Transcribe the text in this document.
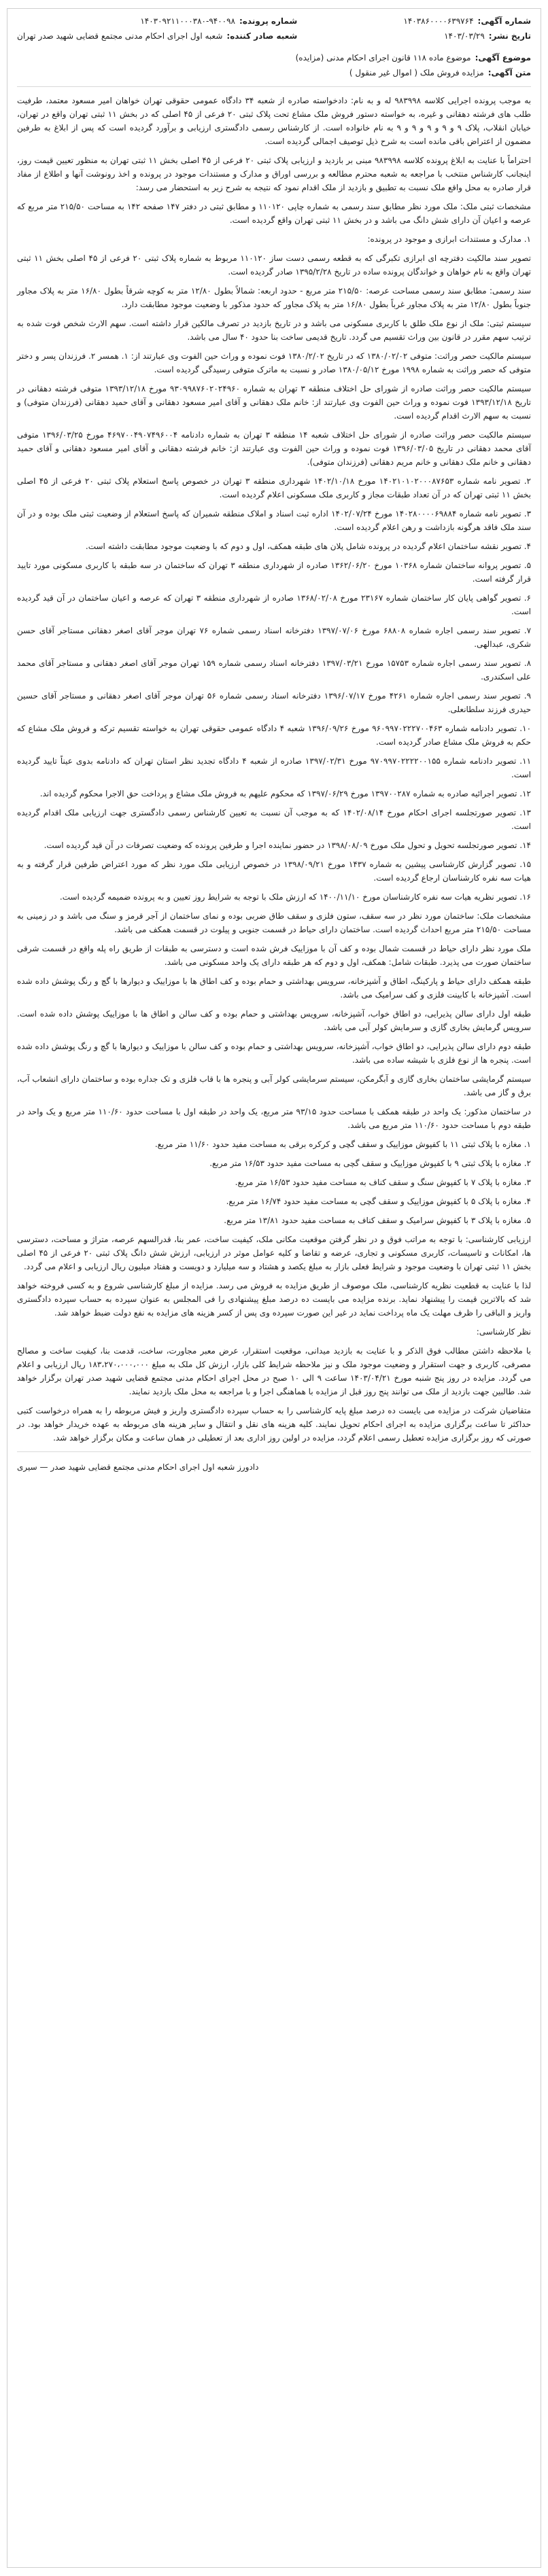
شماره آگهی:
۱۴۰۳۸۶۰۰۰۰۶۳۹۷۶۴
تاریخ نشر:
۱۴۰۳/۰۳/۲۹
شماره پرونده:
۱۴۰۳۰۹۲۱۱۰۰۰۳۸۰-۹۴۰۰۹۸
شعبه صادر کننده:
شعبه اول اجرای احکام مدنی مجتمع قضایی شهید صدر تهران
موضوع آگهی:
موضوع ماده ۱۱۸ قانون اجرای احکام مدنی (مزایده)
متن آگهی:
مزایده فروش ملک ( اموال غیر منقول )

به موجب پرونده اجرایی کلاسه ۹۸۳۹۹۸ له و به نام: دادخواسته صادره از شعبه ۳۴ دادگاه عمومی حقوقی تهران خواهان امیر مسعود معتمد، طرفیت طلب های فرشته دهقانی و غیره، به خواسته دستور فروش ملک مشاع تحت پلاک ثبتی ۲۰ فرعی از ۴۵ اصلی که در بخش ۱۱ ثبتی تهران واقع در تهران، خیابان انقلاب، پلاک ۹ و ۹ و ۹ و ۹ و ۹ به نام خانواده است. از کارشناس رسمی دادگستری ارزیابی و برآورد گردیده است که پس از ابلاغ به طرفین مضمون از اعتراض باقی مانده است به شرح ذیل توصیف اجمالی گردیده است.

احتراماً با عنایت به ابلاغ پرونده کلاسه ۹۸۳۹۹۸ مبنی بر بازدید و ارزیابی پلاک ثبتی ۲۰ فرعی از ۴۵ اصلی بخش ۱۱ ثبتی تهران به منظور تعیین قیمت روز، اینجانب کارشناس منتخب با مراجعه به شعبه محترم مطالعه و بررسی اوراق و مدارک و مستندات موجود در پرونده و اخذ رونوشت آنها و اطلاع از مفاد قرار صادره به محل واقع ملک نسبت به تطبیق و بازدید از ملک اقدام نمود که نتیجه به شرح زیر به استحضار می رسد:

مشخصات ثبتی ملک: ملک مورد نظر مطابق سند رسمی به شماره چاپی ۱۱۰۱۲۰ و مطابق ثبتی در دفتر ۱۴۷ صفحه ۱۴۲ به مساحت ۲۱۵/۵۰ متر مربع که عرصه و اعیان آن دارای شش دانگ می باشد و در بخش ۱۱ ثبتی تهران واقع گردیده است.

۱. مدارک و مستندات ابرازی و موجود در پرونده:

تصویر سند مالکیت دفترچه ای ابرازی تکبرگی که به قطعه رسمی دست ساز ۱۱۰۱۲۰ مربوط به شماره پلاک ثبتی ۲۰ فرعی از ۴۵ اصلی بخش ۱۱ ثبتی تهران واقع به نام خواهان و خواندگان پرونده ساده در تاریخ ۱۳۹۵/۲/۲۸ صادر گردیده است.

سند رسمی: مطابق سند رسمی مساحت عرصه: ۲۱۵/۵۰ متر مربع - حدود اربعه: شمالاً بطول ۱۲/۸۰ متر به کوچه شرقاً بطول ۱۶/۸۰ متر به پلاک مجاور جنوباً بطول ۱۲/۸۰ متر به پلاک مجاور غرباً بطول ۱۶/۸۰ متر به پلاک مجاور که حدود مذکور با وضعیت موجود مطابقت دارد.

سیستم ثبتی: ملک از نوع ملک طلق با کاربری مسکونی می باشد و در تاریخ بازدید در تصرف مالکین قرار داشته است. سهم الارث شخص فوت شده به ترتیب سهم مقرر در قانون بین وراث تقسیم می گردد. تاریخ قدیمی ساخت بنا حدود ۴۰ سال می باشد.

سیستم مالکیت حصر وراثت: متوفی ۱۳۸۰/۰۲/۰۲ که در تاریخ ۱۳۸۰/۲/۰۲ فوت نموده و وراث حین الفوت وی عبارتند از: ۱. همسر ۲. فرزندان پسر و دختر متوفی که حصر وراثت به شماره ۱۹۹۸ مورخ ۱۳۸۰/۰۵/۱۲ صادر و نسبت به ماترک متوفی رسیدگی گردیده است.

سیستم مالکیت حصر وراثت صادره از شورای حل اختلاف منطقه ۳ تهران به شماره ۹۳۰۹۹۸۷۶۰۲۰۲۴۹۶۰ مورخ ۱۳۹۳/۱۲/۱۸ متوفی فرشته دهقانی در تاریخ ۱۳۹۳/۱۲/۱۸ فوت نموده و وراث حین الفوت وی عبارتند از: خانم ملک دهقانی و آقای امیر مسعود دهقانی و آقای حمید دهقانی (فرزندان متوفی) و نسبت به سهم الارث اقدام گردیده است.

سیستم مالکیت حصر وراثت صادره از شورای حل اختلاف شعبه ۱۴ منطقه ۳ تهران به شماره دادنامه ۴۶۹۷۰۰۴۹۰۷۴۹۶۰۰۴ مورخ ۱۳۹۶/۰۳/۲۵ متوفی آقای محمد دهقانی در تاریخ ۱۳۹۶/۰۳/۰۵ فوت نموده و وراث حین الفوت وی عبارتند از: خانم فرشته دهقانی و آقای امیر مسعود دهقانی و آقای حمید دهقانی و خانم ملک دهقانی و خانم مریم دهقانی (فرزندان متوفی).

۲. تصویر نامه شماره ۱۴۰۲۱۰۱۰۲۰۰۰۸۷۶۵۳ مورخ ۱۴۰۲/۱۰/۱۸ شهرداری منطقه ۳ تهران در خصوص پاسخ استعلام پلاک ثبتی ۲۰ فرعی از ۴۵ اصلی بخش ۱۱ ثبتی تهران که در آن تعداد طبقات مجاز و کاربری ملک مسکونی اعلام گردیده است.

۳. تصویر نامه شماره ۱۴۰۲۸۰۰۰۰۶۹۸۸۴ مورخ ۱۴۰۲/۰۷/۲۴ اداره ثبت اسناد و املاک منطقه شمیران که پاسخ استعلام از وضعیت ثبتی ملک بوده و در آن سند ملک فاقد هرگونه بازداشت و رهن اعلام گردیده است.

۴. تصویر نقشه ساختمان اعلام گردیده در پرونده شامل پلان های طبقه همکف، اول و دوم که با وضعیت موجود مطابقت داشته است.

۵. تصویر پروانه ساختمان شماره ۱۰۳۶۸ مورخ ۱۳۶۲/۰۶/۲۰ صادره از شهرداری منطقه ۳ تهران که ساختمان در سه طبقه با کاربری مسکونی مورد تایید قرار گرفته است.

۶. تصویر گواهی پایان کار ساختمان شماره ۲۳۱۶۷ مورخ ۱۳۶۸/۰۲/۰۸ صادره از شهرداری منطقه ۳ تهران که عرصه و اعیان ساختمان در آن قید گردیده است.

۷. تصویر سند رسمی اجاره شماره ۶۸۸۰۸ مورخ ۱۳۹۷/۰۷/۰۶ دفترخانه اسناد رسمی شماره ۷۶ تهران موجر آقای اصغر دهقانی مستاجر آقای حسن شکری، عبدالهی.

۸. تصویر سند رسمی اجاره شماره ۱۵۷۵۳ مورخ ۱۳۹۷/۰۳/۲۱ دفترخانه اسناد رسمی شماره ۱۵۹ تهران موجر آقای اصغر دهقانی و مستاجر آقای محمد علی اسکندری.

۹. تصویر سند رسمی اجاره شماره ۴۲۶۱ مورخ ۱۳۹۶/۰۷/۱۷ دفترخانه اسناد رسمی شماره ۵۶ تهران موجر آقای اصغر دهقانی و مستاجر آقای حسین حیدری فرزند سلطانعلی.

۱۰. تصویر دادنامه شماره ۹۶۰۹۹۷۰۲۲۲۷۰۰۴۶۳ مورخ ۱۳۹۶/۰۹/۲۶ شعبه ۴ دادگاه عمومی حقوقی تهران به خواسته تقسیم ترکه و فروش ملک مشاع که حکم به فروش ملک مشاع صادر گردیده است.

۱۱. تصویر دادنامه شماره ۹۷۰۹۹۷۰۲۲۲۲۰۰۱۵۵ مورخ ۱۳۹۷/۰۲/۳۱ صادره از شعبه ۴ دادگاه تجدید نظر استان تهران که دادنامه بدوی عیناً تایید گردیده است.

۱۲. تصویر اجرائیه صادره به شماره ۱۳۹۷۰۰۲۸۷ مورخ ۱۳۹۷/۰۶/۲۹ که محکوم علیهم به فروش ملک مشاع و پرداخت حق الاجرا محکوم گردیده اند.

۱۳. تصویر صورتجلسه اجرای احکام مورخ ۱۴۰۲/۰۸/۱۴ که به موجب آن نسبت به تعیین کارشناس رسمی دادگستری جهت ارزیابی ملک اقدام گردیده است.

۱۴. تصویر صورتجلسه تحویل و تحول ملک مورخ ۱۳۹۸/۰۸/۰۹ در حضور نماینده اجرا و طرفین پرونده که وضعیت تصرفات در آن قید گردیده است.

۱۵. تصویر گزارش کارشناسی پیشین به شماره ۱۴۳۷ مورخ ۱۳۹۸/۰۹/۲۱ در خصوص ارزیابی ملک مورد نظر که مورد اعتراض طرفین قرار گرفته و به هیات سه نفره کارشناسان ارجاع گردیده است.

۱۶. تصویر نظریه هیات سه نفره کارشناسان مورخ ۱۴۰۰/۱۱/۱۰ که ارزش ملک با توجه به شرایط روز تعیین و به پرونده ضمیمه گردیده است.

مشخصات ملک: ساختمان مورد نظر در سه سقف، ستون فلزی و سقف طاق ضربی بوده و نمای ساختمان از آجر قرمز و سنگ می باشد و در زمینی به مساحت ۲۱۵/۵۰ متر مربع احداث گردیده است. ساختمان دارای حیاط در قسمت جنوبی و پیلوت در قسمت همکف می باشد.

ملک مورد نظر دارای حیاط در قسمت شمال بوده و کف آن با موزاییک فرش شده است و دسترسی به طبقات از طریق راه پله واقع در قسمت شرقی ساختمان صورت می پذیرد. طبقات شامل: همکف، اول و دوم که هر طبقه دارای یک واحد مسکونی می باشد.

طبقه همکف دارای حیاط و پارکینگ، اطاق و آشپزخانه، سرویس بهداشتی و حمام بوده و کف اطاق ها با موزاییک و دیوارها با گچ و رنگ پوشش داده شده است. آشپزخانه با کابینت فلزی و کف سرامیک می باشد.

طبقه اول دارای سالن پذیرایی، دو اطاق خواب، آشپزخانه، سرویس بهداشتی و حمام بوده و کف سالن و اطاق ها با موزاییک پوشش داده شده است. سرویس گرمایش بخاری گازی و سرمایش کولر آبی می باشد.

طبقه دوم دارای سالن پذیرایی، دو اطاق خواب، آشپزخانه، سرویس بهداشتی و حمام بوده و کف سالن با موزاییک و دیوارها با گچ و رنگ پوشش داده شده است. پنجره ها از نوع فلزی با شیشه ساده می باشد.

سیستم گرمایشی ساختمان بخاری گازی و آبگرمکن، سیستم سرمایشی کولر آبی و پنجره ها با قاب فلزی و تک جداره بوده و ساختمان دارای انشعاب آب، برق و گاز می باشد.

در ساختمان مذکور: یک واحد در طبقه همکف با مساحت حدود ۹۳/۱۵ متر مربع، یک واحد در طبقه اول با مساحت حدود ۱۱۰/۶۰ متر مربع و یک واحد در طبقه دوم با مساحت حدود ۱۱۰/۶۰ متر مربع می باشد.

۱. مغازه با پلاک ثبتی ۱۱ با کفپوش موزاییک و سقف گچی و کرکره برقی به مساحت مفید حدود ۱۱/۶۰ متر مربع.

۲. مغازه با پلاک ثبتی ۹ با کفپوش موزاییک و سقف گچی به مساحت مفید حدود ۱۶/۵۳ متر مربع.

۳. مغازه با پلاک ۷ با کفپوش سنگ و سقف کناف به مساحت مفید حدود ۱۶/۵۳ متر مربع.

۴. مغازه با پلاک ۵ با کفپوش موزاییک و سقف گچی به مساحت مفید حدود ۱۶/۷۴ متر مربع.

۵. مغازه با پلاک ۳ با کفپوش سرامیک و سقف کناف به مساحت مفید حدود ۱۳/۸۱ متر مربع.

ارزیابی کارشناسی: با توجه به مراتب فوق و در نظر گرفتن موقعیت مکانی ملک، کیفیت ساخت، عمر بنا، قدرالسهم عرصه، متراژ و مساحت، دسترسی ها، امکانات و تاسیسات، کاربری مسکونی و تجاری، عرضه و تقاضا و کلیه عوامل موثر در ارزیابی، ارزش شش دانگ پلاک ثبتی ۲۰ فرعی از ۴۵ اصلی بخش ۱۱ ثبتی تهران با وضعیت موجود و شرایط فعلی بازار به مبلغ یکصد و هشتاد و سه میلیارد و دویست و هفتاد میلیون ریال ارزیابی و اعلام می گردد.

لذا با عنایت به قطعیت نظریه کارشناسی، ملک موصوف از طریق مزایده به فروش می رسد. مزایده از مبلغ کارشناسی شروع و به کسی فروخته خواهد شد که بالاترین قیمت را پیشنهاد نماید. برنده مزایده می بایست ده درصد مبلغ پیشنهادی را فی المجلس به عنوان سپرده به حساب سپرده دادگستری واریز و الباقی را ظرف مهلت یک ماه پرداخت نماید در غیر این صورت سپرده وی پس از کسر هزینه های مزایده به نفع دولت ضبط خواهد شد.

نظر کارشناسی:

با ملاحظه داشتن مطالب فوق الذکر و با عنایت به بازدید میدانی، موقعیت استقرار، عرض معبر مجاورت، ساخت، قدمت بنا، کیفیت ساخت و مصالح مصرفی، کاربری و جهت استقرار و وضعیت موجود ملک و نیز ملاحظه شرایط کلی بازار، ارزش کل ملک به مبلغ ۱۸۳،۲۷۰،۰۰۰،۰۰۰ ریال ارزیابی و اعلام می گردد. مزایده در روز پنج شنبه مورخ ۱۴۰۳/۰۴/۲۱ ساعت ۹ الی ۱۰ صبح در محل اجرای احکام مدنی مجتمع قضایی شهید صدر تهران برگزار خواهد شد. طالبین جهت بازدید از ملک می توانند پنج روز قبل از مزایده با هماهنگی اجرا و با مراجعه به محل ملک بازدید نمایند.

متقاضیان شرکت در مزایده می بایست ده درصد مبلغ پایه کارشناسی را به حساب سپرده دادگستری واریز و فیش مربوطه را به همراه درخواست کتبی حداکثر تا ساعت برگزاری مزایده به اجرای احکام تحویل نمایند. کلیه هزینه های نقل و انتقال و سایر هزینه های مربوطه به عهده خریدار خواهد بود. در صورتی که روز برگزاری مزایده تعطیل رسمی اعلام گردد، مزایده در اولین روز اداری بعد از تعطیلی در همان ساعت و مکان برگزار خواهد شد.

دادورز شعبه اول اجرای احکام مدنی مجتمع قضایی شهید صدر — سیری
